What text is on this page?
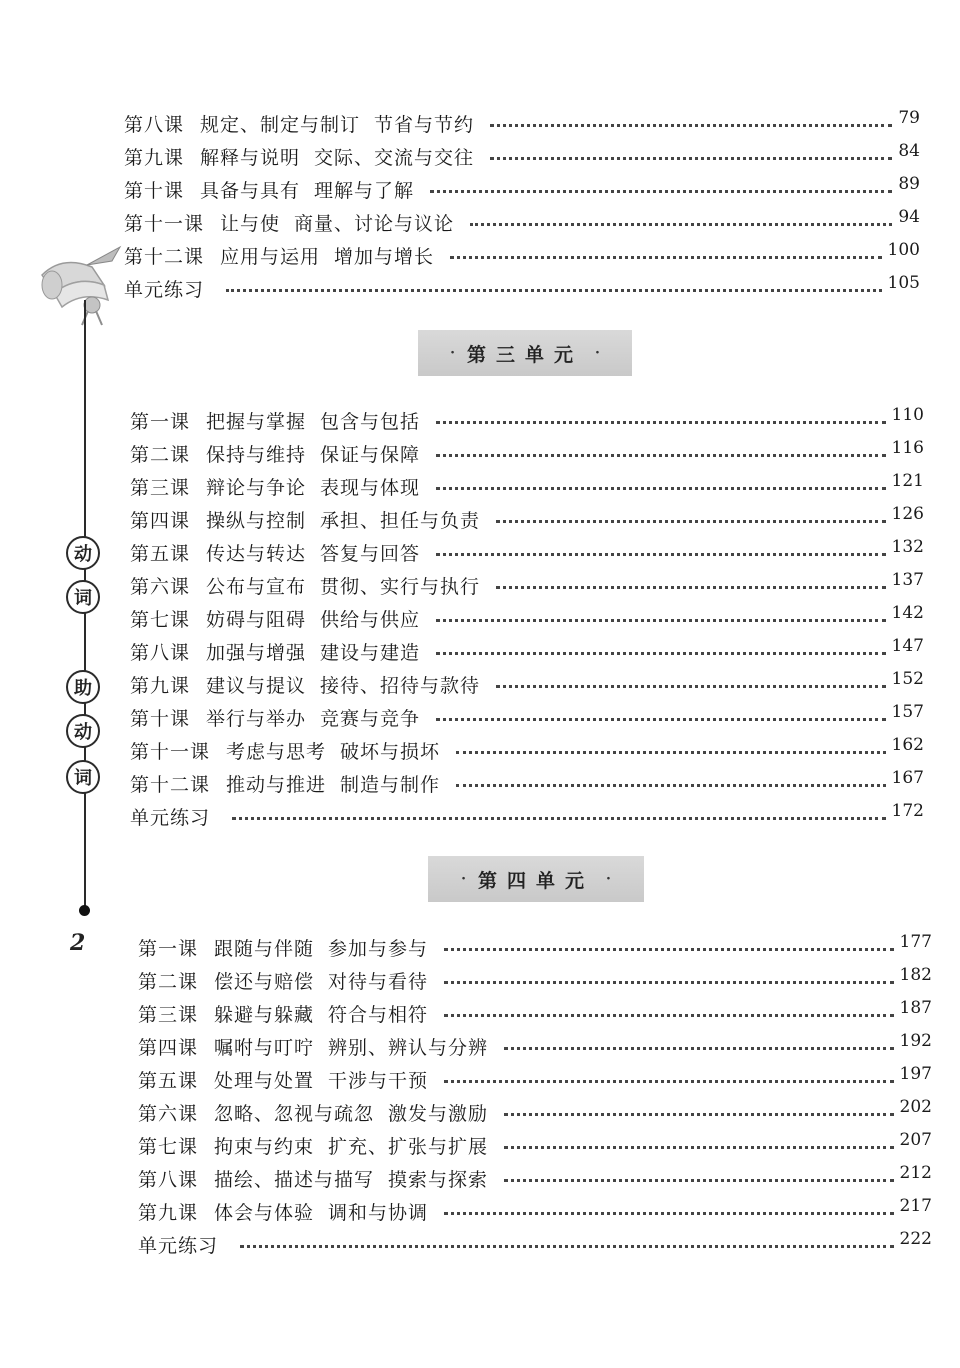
动
词
助
动
词
2
第八课 规定、制定与制订 节省与节约	79
第九课 解释与说明 交际、交流与交往	84
第十课 具备与具有 理解与了解	89
第十一课 让与使 商量、讨论与议论	94
第十二课 应用与运用 增加与增长	100
单元练习	105
· 第三单元 ·
第一课 把握与掌握 包含与包括	110
第二课 保持与维持 保证与保障	116
第三课 辩论与争论 表现与体现	121
第四课 操纵与控制 承担、担任与负责	126
第五课 传达与转达 答复与回答	132
第六课 公布与宣布 贯彻、实行与执行	137
第七课 妨碍与阻碍 供给与供应	142
第八课 加强与增强 建设与建造	147
第九课 建议与提议 接待、招待与款待	152
第十课 举行与举办 竞赛与竞争	157
第十一课 考虑与思考 破坏与损坏	162
第十二课 推动与推进 制造与制作	167
单元练习	172
· 第四单元 ·
第一课 跟随与伴随 参加与参与	177
第二课 偿还与赔偿 对待与看待	182
第三课 躲避与躲藏 符合与相符	187
第四课 嘱咐与叮咛 辨别、辨认与分辨	192
第五课 处理与处置 干涉与干预	197
第六课 忽略、忽视与疏忽 激发与激励	202
第七课 拘束与约束 扩充、扩张与扩展	207
第八课 描绘、描述与描写 摸索与探索	212
第九课 体会与体验 调和与协调	217
单元练习	222
